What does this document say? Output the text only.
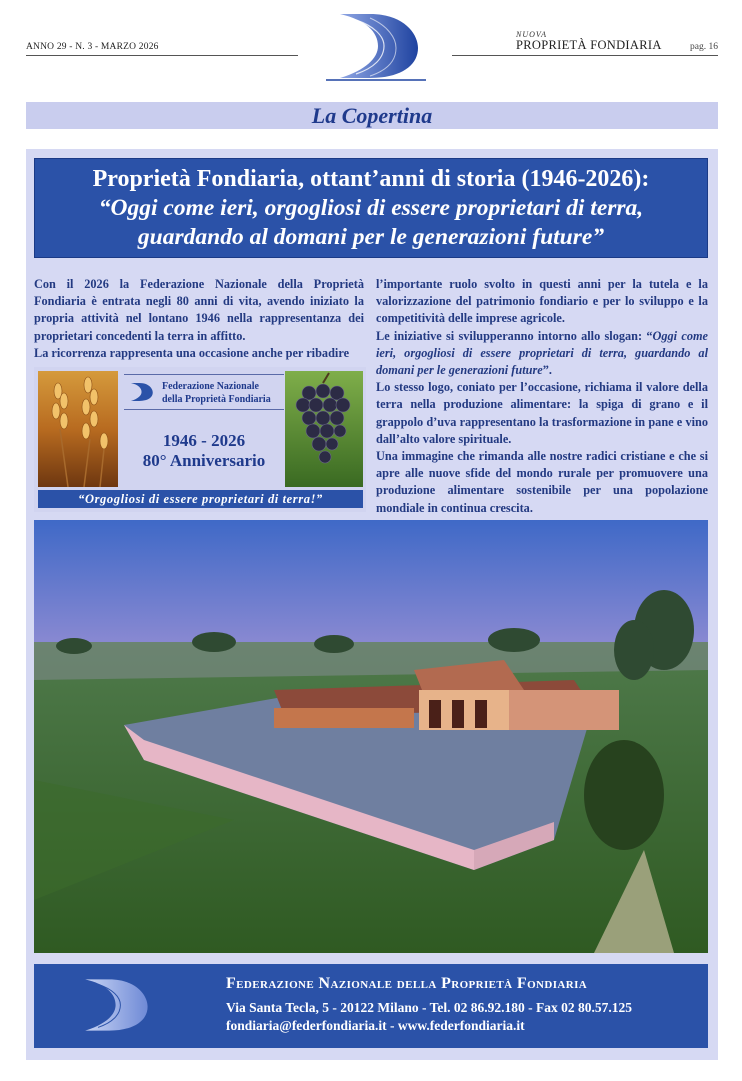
ANNO 29 - N. 3 - MARZO 2026
NUOVA
PROPRIETÀ FONDIARIA	pag. 16
La Copertina
Proprietà Fondiaria, ottant’anni di storia (1946-2026):
“Oggi come ieri, orgogliosi di essere proprietari di terra,
guardando al domani per le generazioni future”

Con il 2026 la Federazione Nazionale della Proprietà Fondiaria è entrata negli 80 anni di vita, avendo iniziato la propria attività nel lontano 1946 nella rappresentanza dei proprietari concedenti la terra in affitto.

La ricorrenza rappresenta una occasione anche per ribadire

l’importante ruolo svolto in questi anni per la tutela e la valorizzazione del patrimonio fondiario e per lo sviluppo e la competitività delle imprese agricole.

Le iniziative si svilupperanno intorno allo slogan: “Oggi come ieri, orgogliosi di essere proprietari di terra, guardando al domani per le generazioni future”.

Lo stesso logo, coniato per l’occasione, richiama il valore della terra nella produzione alimentare: la spiga di grano e il grappolo d’uva rappresentano la trasformazione in pane e vino dall’alto valore spirituale.

Una immagine che rimanda alle nostre radici cristiane e che si apre alle nuove sfide del mondo rurale per promuovere una produzione alimentare sostenibile per una popolazione mondiale in continua crescita.

Federazione Nazionale
della Proprietà Fondiaria
1946 - 2026
80° Anniversario
“Orgogliosi di essere proprietari di terra!”
Federazione Nazionale della Proprietà Fondiaria
Via Santa Tecla, 5 - 20122 Milano - Tel. 02 86.92.180 - Fax 02 80.57.125
fondiaria@federfondiaria.it - www.federfondiaria.it
